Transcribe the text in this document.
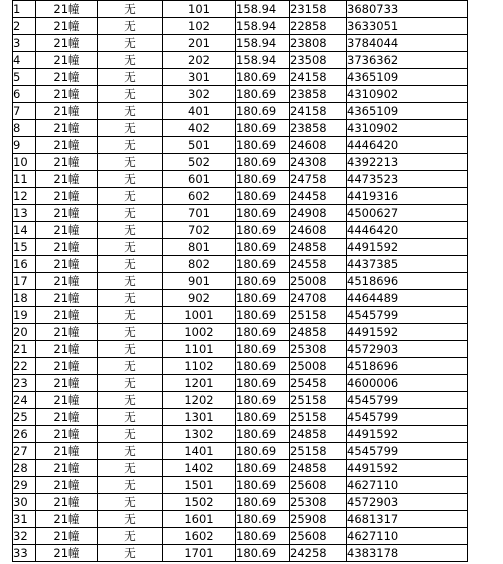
1	21幢	无	101	158.94	23158	3680733
2	21幢	无	102	158.94	22858	3633051
3	21幢	无	201	158.94	23808	3784044
4	21幢	无	202	158.94	23508	3736362
5	21幢	无	301	180.69	24158	4365109
6	21幢	无	302	180.69	23858	4310902
7	21幢	无	401	180.69	24158	4365109
8	21幢	无	402	180.69	23858	4310902
9	21幢	无	501	180.69	24608	4446420
10	21幢	无	502	180.69	24308	4392213
11	21幢	无	601	180.69	24758	4473523
12	21幢	无	602	180.69	24458	4419316
13	21幢	无	701	180.69	24908	4500627
14	21幢	无	702	180.69	24608	4446420
15	21幢	无	801	180.69	24858	4491592
16	21幢	无	802	180.69	24558	4437385
17	21幢	无	901	180.69	25008	4518696
18	21幢	无	902	180.69	24708	4464489
19	21幢	无	1001	180.69	25158	4545799
20	21幢	无	1002	180.69	24858	4491592
21	21幢	无	1101	180.69	25308	4572903
22	21幢	无	1102	180.69	25008	4518696
23	21幢	无	1201	180.69	25458	4600006
24	21幢	无	1202	180.69	25158	4545799
25	21幢	无	1301	180.69	25158	4545799
26	21幢	无	1302	180.69	24858	4491592
27	21幢	无	1401	180.69	25158	4545799
28	21幢	无	1402	180.69	24858	4491592
29	21幢	无	1501	180.69	25608	4627110
30	21幢	无	1502	180.69	25308	4572903
31	21幢	无	1601	180.69	25908	4681317
32	21幢	无	1602	180.69	25608	4627110
33	21幢	无	1701	180.69	24258	4383178
